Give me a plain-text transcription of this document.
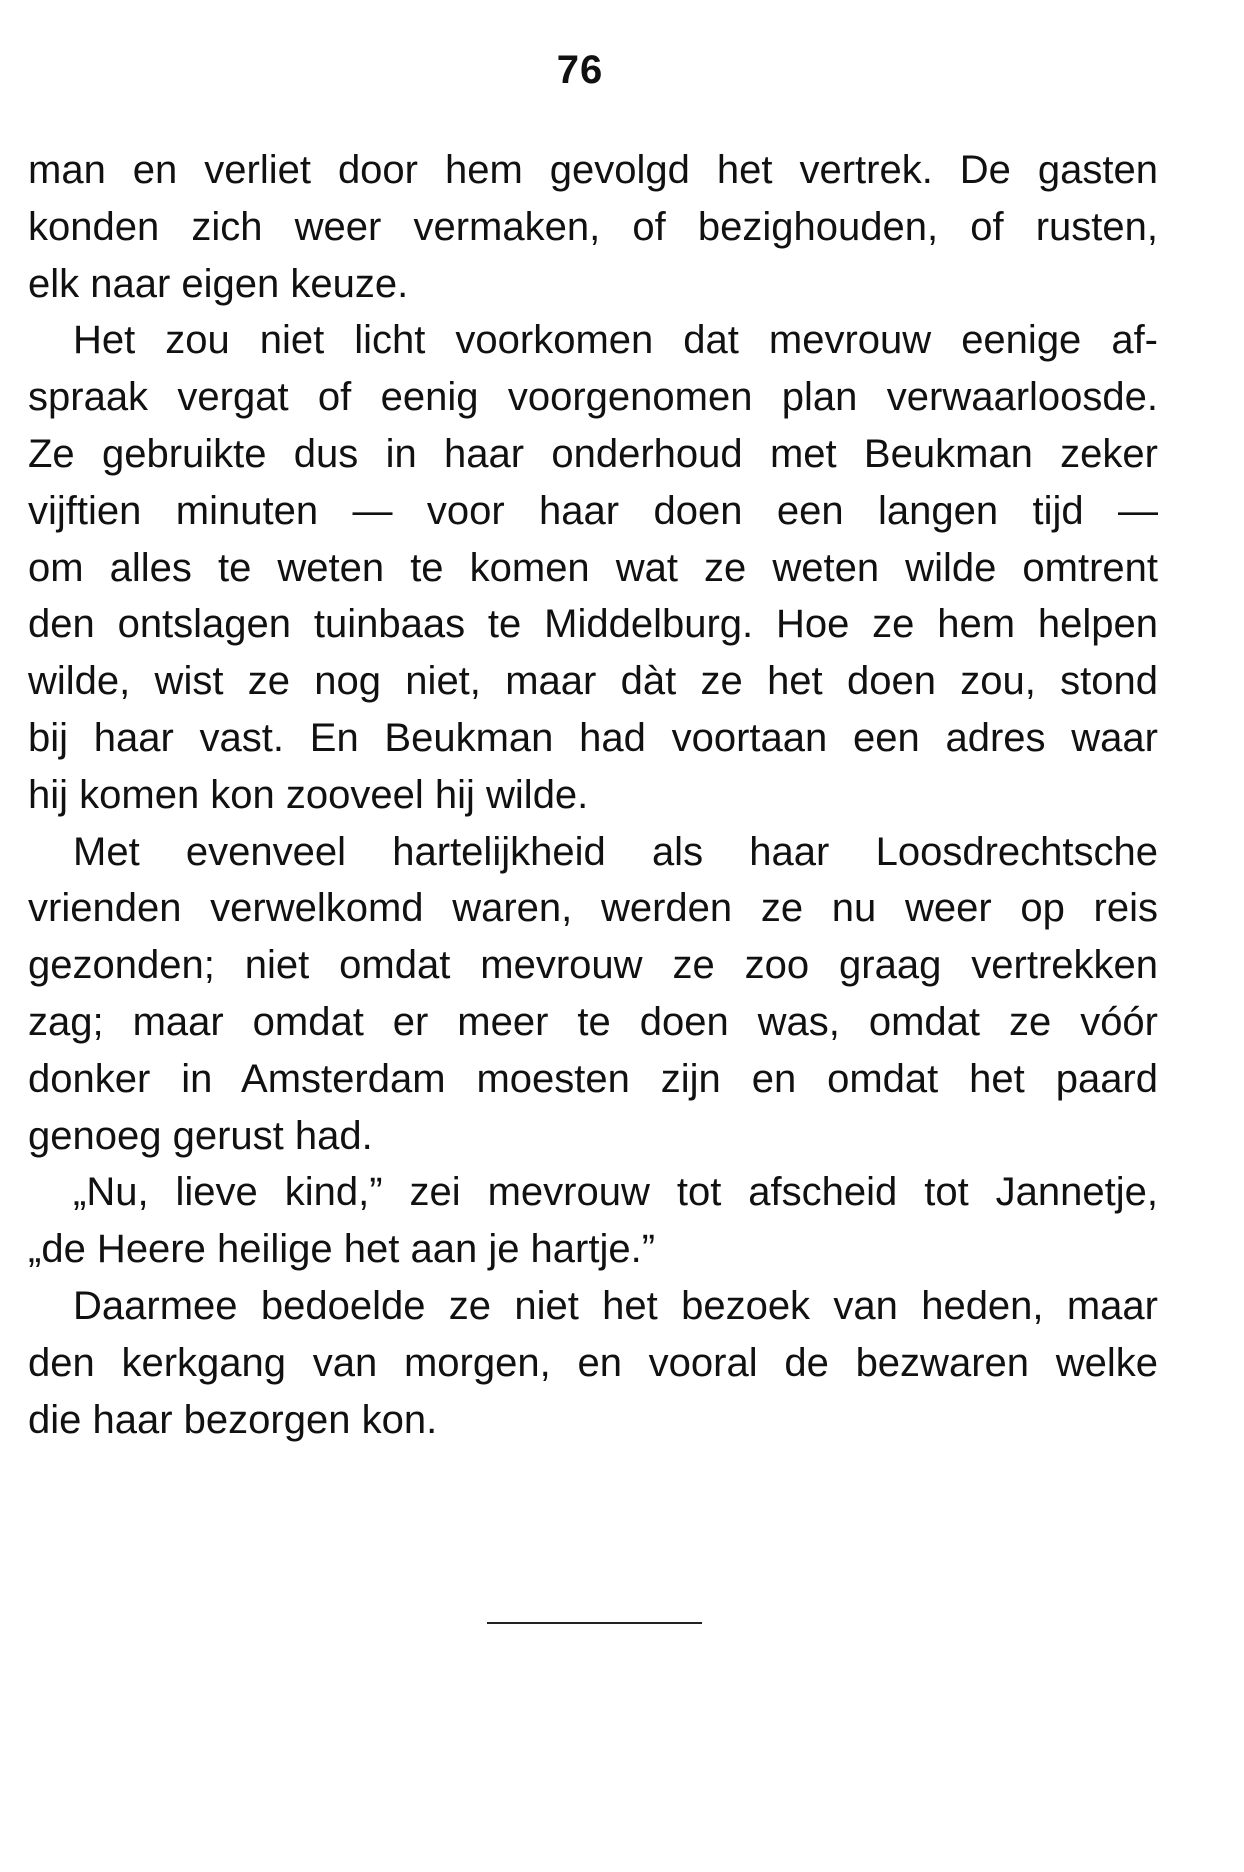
76

man en verliet door hem gevolgd het vertrek. De gasten
konden zich weer vermaken, of bezighouden, of rusten,
elk naar eigen keuze.

Het zou niet licht voorkomen dat mevrouw eenige af-
spraak vergat of eenig voorgenomen plan verwaarloosde.
Ze gebruikte dus in haar onderhoud met Beukman zeker
vijftien minuten — voor haar doen een langen tijd —
om alles te weten te komen wat ze weten wilde omtrent
den ontslagen tuinbaas te Middelburg. Hoe ze hem helpen
wilde, wist ze nog niet, maar dàt ze het doen zou, stond
bij haar vast. En Beukman had voortaan een adres waar
hij komen kon zooveel hij wilde.

Met evenveel hartelijkheid als haar Loosdrechtsche
vrienden verwelkomd waren, werden ze nu weer op reis
gezonden; niet omdat mevrouw ze zoo graag vertrekken
zag; maar omdat er meer te doen was, omdat ze vóór
donker in Amsterdam moesten zijn en omdat het paard
genoeg gerust had.

„Nu, lieve kind,” zei mevrouw tot afscheid tot Jannetje,
„de Heere heilige het aan je hartje.”

Daarmee bedoelde ze niet het bezoek van heden, maar
den kerkgang van morgen, en vooral de bezwaren welke
die haar bezorgen kon.
